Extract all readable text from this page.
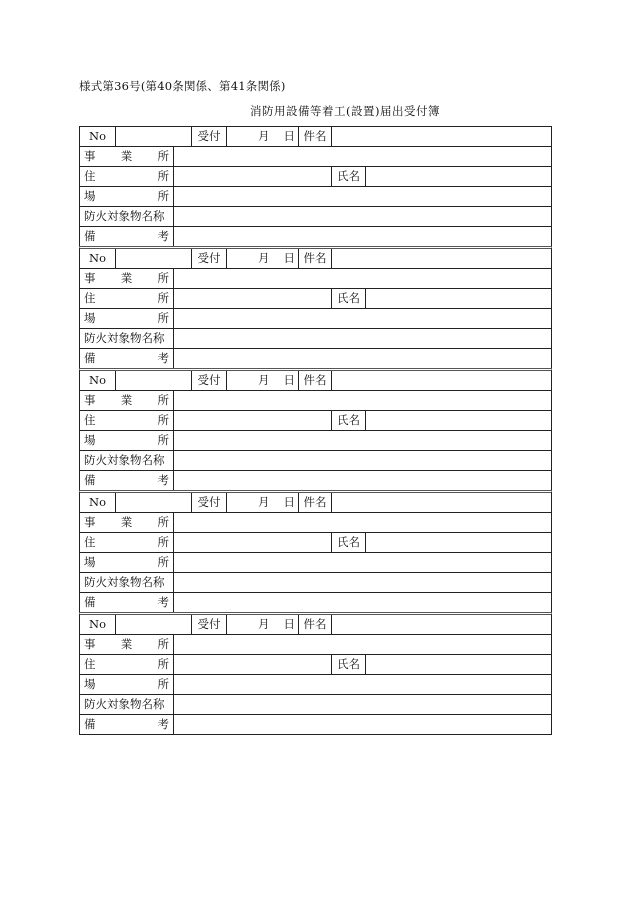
様式第36号(第40条関係、第41条関係)
消防用設備等着工(設置)届出受付簿
No	受付	月 日 件名
事 業 所
住	所	氏名
場	所
防火対象物名称
備	考
No	受付	月 日 件名
事 業 所
住	所	氏名
場	所
防火対象物名称
備	考
No	受付	月 日 件名
事 業 所
住	所	氏名
場	所
防火対象物名称
備	考
No	受付	月 日 件名
事 業 所
住	所	氏名
場	所
防火対象物名称
備	考
No	受付	月 日 件名
事 業 所
住	所	氏名
場	所
防火対象物名称
備	考
